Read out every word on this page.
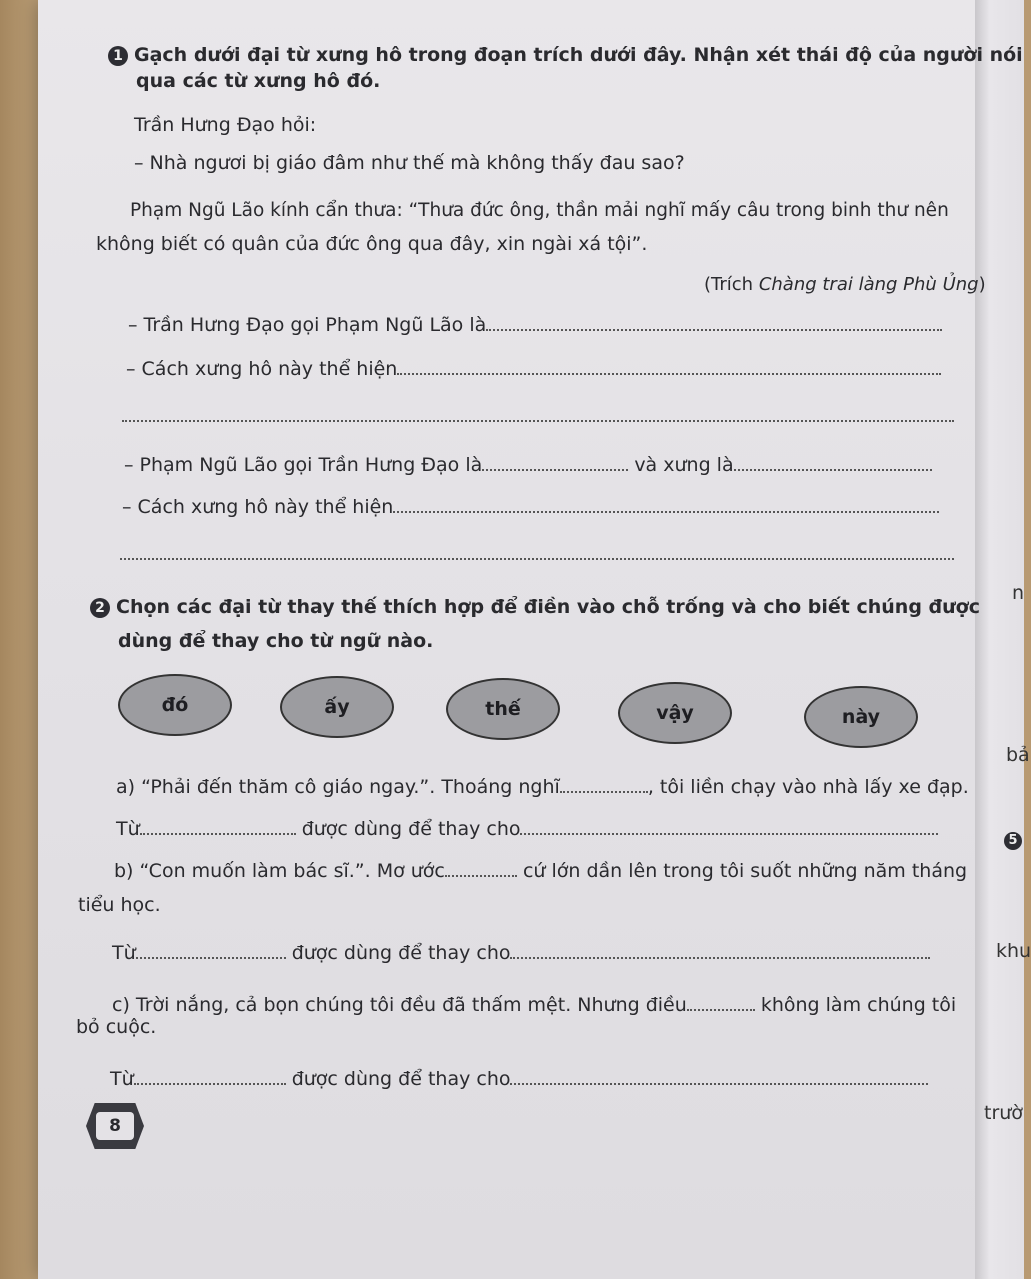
1 Gạch dưới đại từ xưng hô trong đoạn trích dưới đây. Nhận xét thái độ của người nói
qua các từ xưng hô đó.
Trần Hưng Đạo hỏi:
– Nhà ngươi bị giáo đâm như thế mà không thấy đau sao?
Phạm Ngũ Lão kính cẩn thưa: “Thưa đức ông, thần mải nghĩ mấy câu trong binh thư nên
không biết có quân của đức ông qua đây, xin ngài xá tội”.
(Trích Chàng trai làng Phù Ủng)
– Trần Hưng Đạo gọi Phạm Ngũ Lão là
– Cách xưng hô này thể hiện
– Phạm Ngũ Lão gọi Trần Hưng Đạo là	và xưng là
– Cách xưng hô này thể hiện
2 Chọn các đại từ thay thế thích hợp để điền vào chỗ trống và cho biết chúng được
dùng để thay cho từ ngữ nào.
đó	ấy	thế	vậy	này
a) “Phải đến thăm cô giáo ngay.”. Thoáng nghĩ	, tôi liền chạy vào nhà lấy xe đạp.
Từ	được dùng để thay cho
b) “Con muốn làm bác sĩ.”. Mơ ước	cứ lớn dần lên trong tôi suốt những năm tháng
tiểu học.
Từ	được dùng để thay cho
c) Trời nắng, cả bọn chúng tôi đều đã thấm mệt. Nhưng điều	không làm chúng tôi
bỏ cuộc.
Từ	được dùng để thay cho
8
n
bả
5
khu
trườ
